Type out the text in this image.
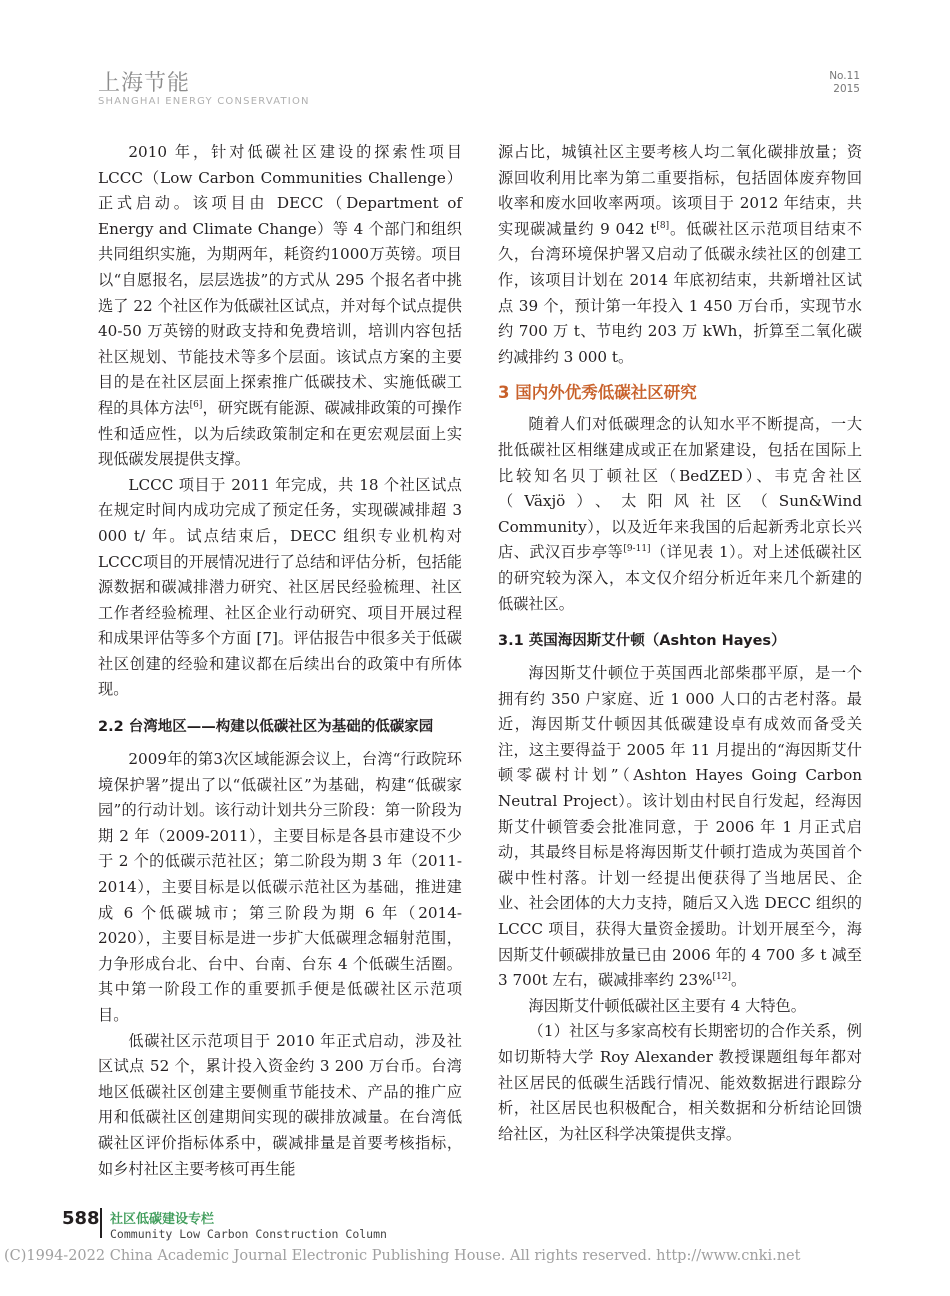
上海节能
SHANGHAI ENERGY CONSERVATION
No.11
2015

2010 年，针对低碳社区建设的探索性项目 LCCC（Low Carbon Communities Challenge）正式启动。该项目由 DECC（Department of Energy and Climate Change）等 4 个部门和组织共同组织实施，为期两年，耗资约1000万英镑。项目以“自愿报名，层层选拔”的方式从 295 个报名者中挑选了 22 个社区作为低碳社区试点，并对每个试点提供 40-50 万英镑的财政支持和免费培训，培训内容包括社区规划、节能技术等多个层面。该试点方案的主要目的是在社区层面上探索推广低碳技术、实施低碳工程的具体方法[6]，研究既有能源、碳减排政策的可操作性和适应性，以为后续政策制定和在更宏观层面上实现低碳发展提供支撑。

LCCC 项目于 2011 年完成，共 18 个社区试点在规定时间内成功完成了预定任务，实现碳减排超 3 000 t/ 年。试点结束后，DECC 组织专业机构对LCCC项目的开展情况进行了总结和评估分析，包括能源数据和碳减排潜力研究、社区居民经验梳理、社区工作者经验梳理、社区企业行动研究、项目开展过程和成果评估等多个方面 [7]。评估报告中很多关于低碳社区创建的经验和建议都在后续出台的政策中有所体现。

2.2 台湾地区——构建以低碳社区为基础的低碳家园

2009年的第3次区域能源会议上，台湾“行政院环境保护署”提出了以“低碳社区”为基础，构建“低碳家园”的行动计划。该行动计划共分三阶段：第一阶段为期 2 年（2009-2011），主要目标是各县市建设不少于 2 个的低碳示范社区；第二阶段为期 3 年（2011-2014），主要目标是以低碳示范社区为基础，推进建成 6 个低碳城市；第三阶段为期 6 年（2014-2020），主要目标是进一步扩大低碳理念辐射范围，力争形成台北、台中、台南、台东 4 个低碳生活圈。其中第一阶段工作的重要抓手便是低碳社区示范项目。

低碳社区示范项目于 2010 年正式启动，涉及社区试点 52 个，累计投入资金约 3 200 万台币。台湾地区低碳社区创建主要侧重节能技术、产品的推广应用和低碳社区创建期间实现的碳排放减量。在台湾低碳社区评价指标体系中，碳减排量是首要考核指标，如乡村社区主要考核可再生能

源占比，城镇社区主要考核人均二氧化碳排放量；资源回收利用比率为第二重要指标，包括固体废弃物回收率和废水回收率两项。该项目于 2012 年结束，共实现碳减量约 9 042 t[8]。低碳社区示范项目结束不久，台湾环境保护署又启动了低碳永续社区的创建工作，该项目计划在 2014 年底初结束，共新增社区试点 39 个，预计第一年投入 1 450 万台币，实现节水约 700 万 t、节电约 203 万 kWh，折算至二氧化碳约减排约 3 000 t。

3 国内外优秀低碳社区研究

随着人们对低碳理念的认知水平不断提高，一大批低碳社区相继建成或正在加紧建设，包括在国际上比较知名贝丁顿社区（BedZED）、韦克舍社区（Växjö）、太阳风社区（Sun&Wind Community），以及近年来我国的后起新秀北京长兴店、武汉百步亭等[9-11]（详见表 1）。对上述低碳社区的研究较为深入，本文仅介绍分析近年来几个新建的低碳社区。

3.1 英国海因斯艾什顿（Ashton Hayes）

海因斯艾什顿位于英国西北部柴郡平原，是一个拥有约 350 户家庭、近 1 000 人口的古老村落。最近，海因斯艾什顿因其低碳建设卓有成效而备受关注，这主要得益于 2005 年 11 月提出的“海因斯艾什顿零碳村计划”（Ashton Hayes Going Carbon Neutral Project）。该计划由村民自行发起，经海因斯艾什顿管委会批准同意，于 2006 年 1 月正式启动，其最终目标是将海因斯艾什顿打造成为英国首个碳中性村落。计划一经提出便获得了当地居民、企业、社会团体的大力支持，随后又入选 DECC 组织的 LCCC 项目，获得大量资金援助。计划开展至今，海因斯艾什顿碳排放量已由 2006 年的 4 700 多 t 减至 3 700t 左右，碳减排率约 23%[12]。

海因斯艾什顿低碳社区主要有 4 大特色。

（1）社区与多家高校有长期密切的合作关系，例如切斯特大学 Roy Alexander 教授课题组每年都对社区居民的低碳生活践行情况、能效数据进行跟踪分析，社区居民也积极配合，相关数据和分析结论回馈给社区，为社区科学决策提供支撑。

588 社区低碳建设专栏
Community Low Carbon Construction Column
(C)1994-2022 China Academic Journal Electronic Publishing House. All rights reserved. http://www.cnki.net
